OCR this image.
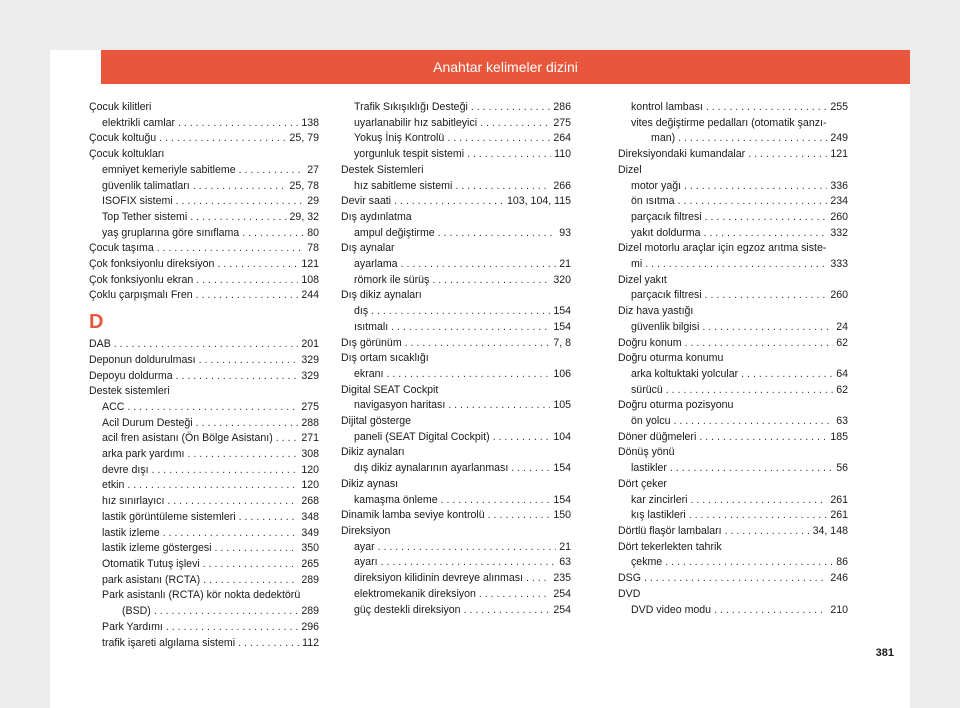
Anahtar kelimeler dizini
Çocuk kilitleri
elektrikli camlar . . .	138
Çocuk koltuğu . . .	25, 79
Çocuk koltukları
emniyet kemeriyle sabitleme . . .	27
güvenlik talimatları . . .	25, 78
ISOFIX sistemi . . .	29
Top Tether sistemi . . .	29, 32
yaş gruplarına göre sınıflama . . .	80
Çocuk taşıma . . .	78
Çok fonksiyonlu direksiyon . . .	121
Çok fonksiyonlu ekran . . .	108
Çoklu çarpışmalı Fren . . .	244
D
DAB . . .	201
Deponun doldurulması . . .	329
Depoyu doldurma . . .	329
Destek sistemleri
ACC . . .	275
Acil Durum Desteği . . .	288
acil fren asistanı (Ön Bölge Asistanı) . . .	271
arka park yardımı . . .	308
devre dışı . . .	120
etkin . . .	120
hız sınırlayıcı . . .	268
lastik görüntüleme sistemleri . . .	348
lastik izleme . . .	349
lastik izleme göstergesi . . .	350
Otomatik Tutuş işlevi . . .	265
park asistanı (RCTA) . . .	289
Park asistanlı (RCTA) kör nokta dedektörü
(BSD) . . .	289
Park Yardımı . . .	296
trafik işareti algılama sistemi . . .	112
Trafik Sıkışıklığı Desteği . . .	286
uyarlanabilir hız sabitleyici . . .	275
Yokuş İniş Kontrolü . . .	264
yorgunluk tespit sistemi . . .	110
Destek Sistemleri
hız sabitleme sistemi . . .	266
Devir saati . . .	103, 104, 115
Dış aydınlatma
ampul değiştirme . . .	93
Dış aynalar
ayarlama . . .	21
römork ile sürüş . . .	320
Dış dikiz aynaları
dış . . .	154
ısıtmalı . . .	154
Dış görünüm . . .	7, 8
Dış ortam sıcaklığı
ekranı . . .	106
Digital SEAT Cockpit
navigasyon haritası . . .	105
Dijital gösterge
paneli (SEAT Digital Cockpit) . . .	104
Dikiz aynaları
dış dikiz aynalarının ayarlanması . . .	154
Dikiz aynası
kamaşma önleme . . .	154
Dinamik lamba seviye kontrolü . . .	150
Direksiyon
ayar . . .	21
ayarı . . .	63
direksiyon kilidinin devreye alınması . . .	235
elektromekanik direksiyon . . .	254
güç destekli direksiyon . . .	254
kontrol lambası . . .	255
vites değiştirme pedalları (otomatik şanzı-
man) . . .	249
Direksiyondaki kumandalar . . .	121
Dizel
motor yağı . . .	336
ön ısıtma . . .	234
parçacık filtresi . . .	260
yakıt doldurma . . .	332
Dizel motorlu araçlar için egzoz arıtma siste-
mi . . .	333
Dizel yakıt
parçacık filtresi . . .	260
Diz hava yastığı
güvenlik bilgisi . . .	24
Doğru konum . . .	62
Doğru oturma konumu
arka koltuktaki yolcular . . .	64
sürücü . . .	62
Doğru oturma pozisyonu
ön yolcu . . .	63
Döner düğmeleri . . .	185
Dönüş yönü
lastikler . . .	56
Dört çeker
kar zincirleri . . .	261
kış lastikleri . . .	261
Dörtlü flaşör lambaları . . .	34, 148
Dört tekerlekten tahrik
çekme . . .	86
DSG . . .	246
DVD
DVD video modu . . .	210
381
